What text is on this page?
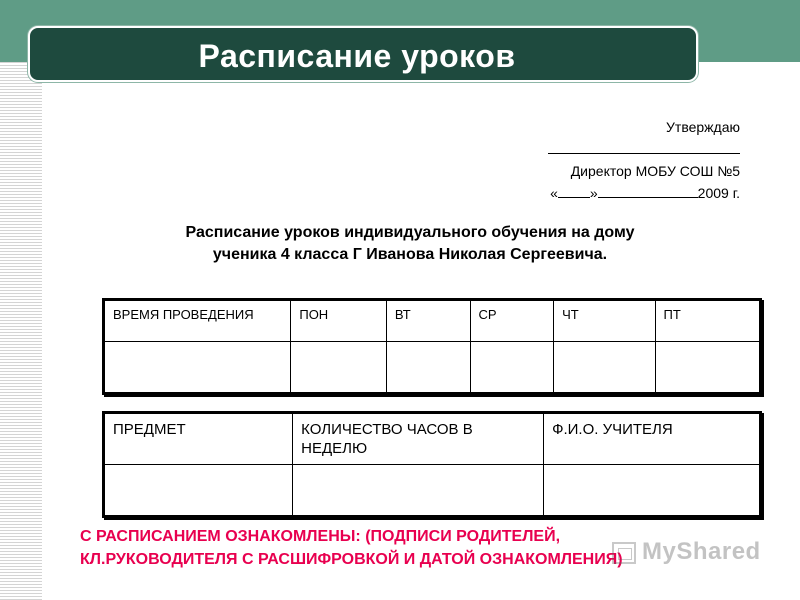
Расписание уроков
Утверждаю
Директор МОБУ СОШ №5
« »	2009 г.
Расписание уроков индивидуального обучения на дому
ученика 4 класса Г Иванова Николая Сергеевича.
ВРЕМЯ ПРОВЕДЕНИЯ	ПОН	ВТ	СР	ЧТ	ПТ

ПРЕДМЕТ	КОЛИЧЕСТВО ЧАСОВ В НЕДЕЛЮ	Ф.И.О. УЧИТЕЛЯ

С РАСПИСАНИЕМ ОЗНАКОМЛЕНЫ: (ПОДПИСИ РОДИТЕЛЕЙ,
КЛ.РУКОВОДИТЕЛЯ С РАСШИФРОВКОЙ И ДАТОЙ ОЗНАКОМЛЕНИЯ) MyShared
